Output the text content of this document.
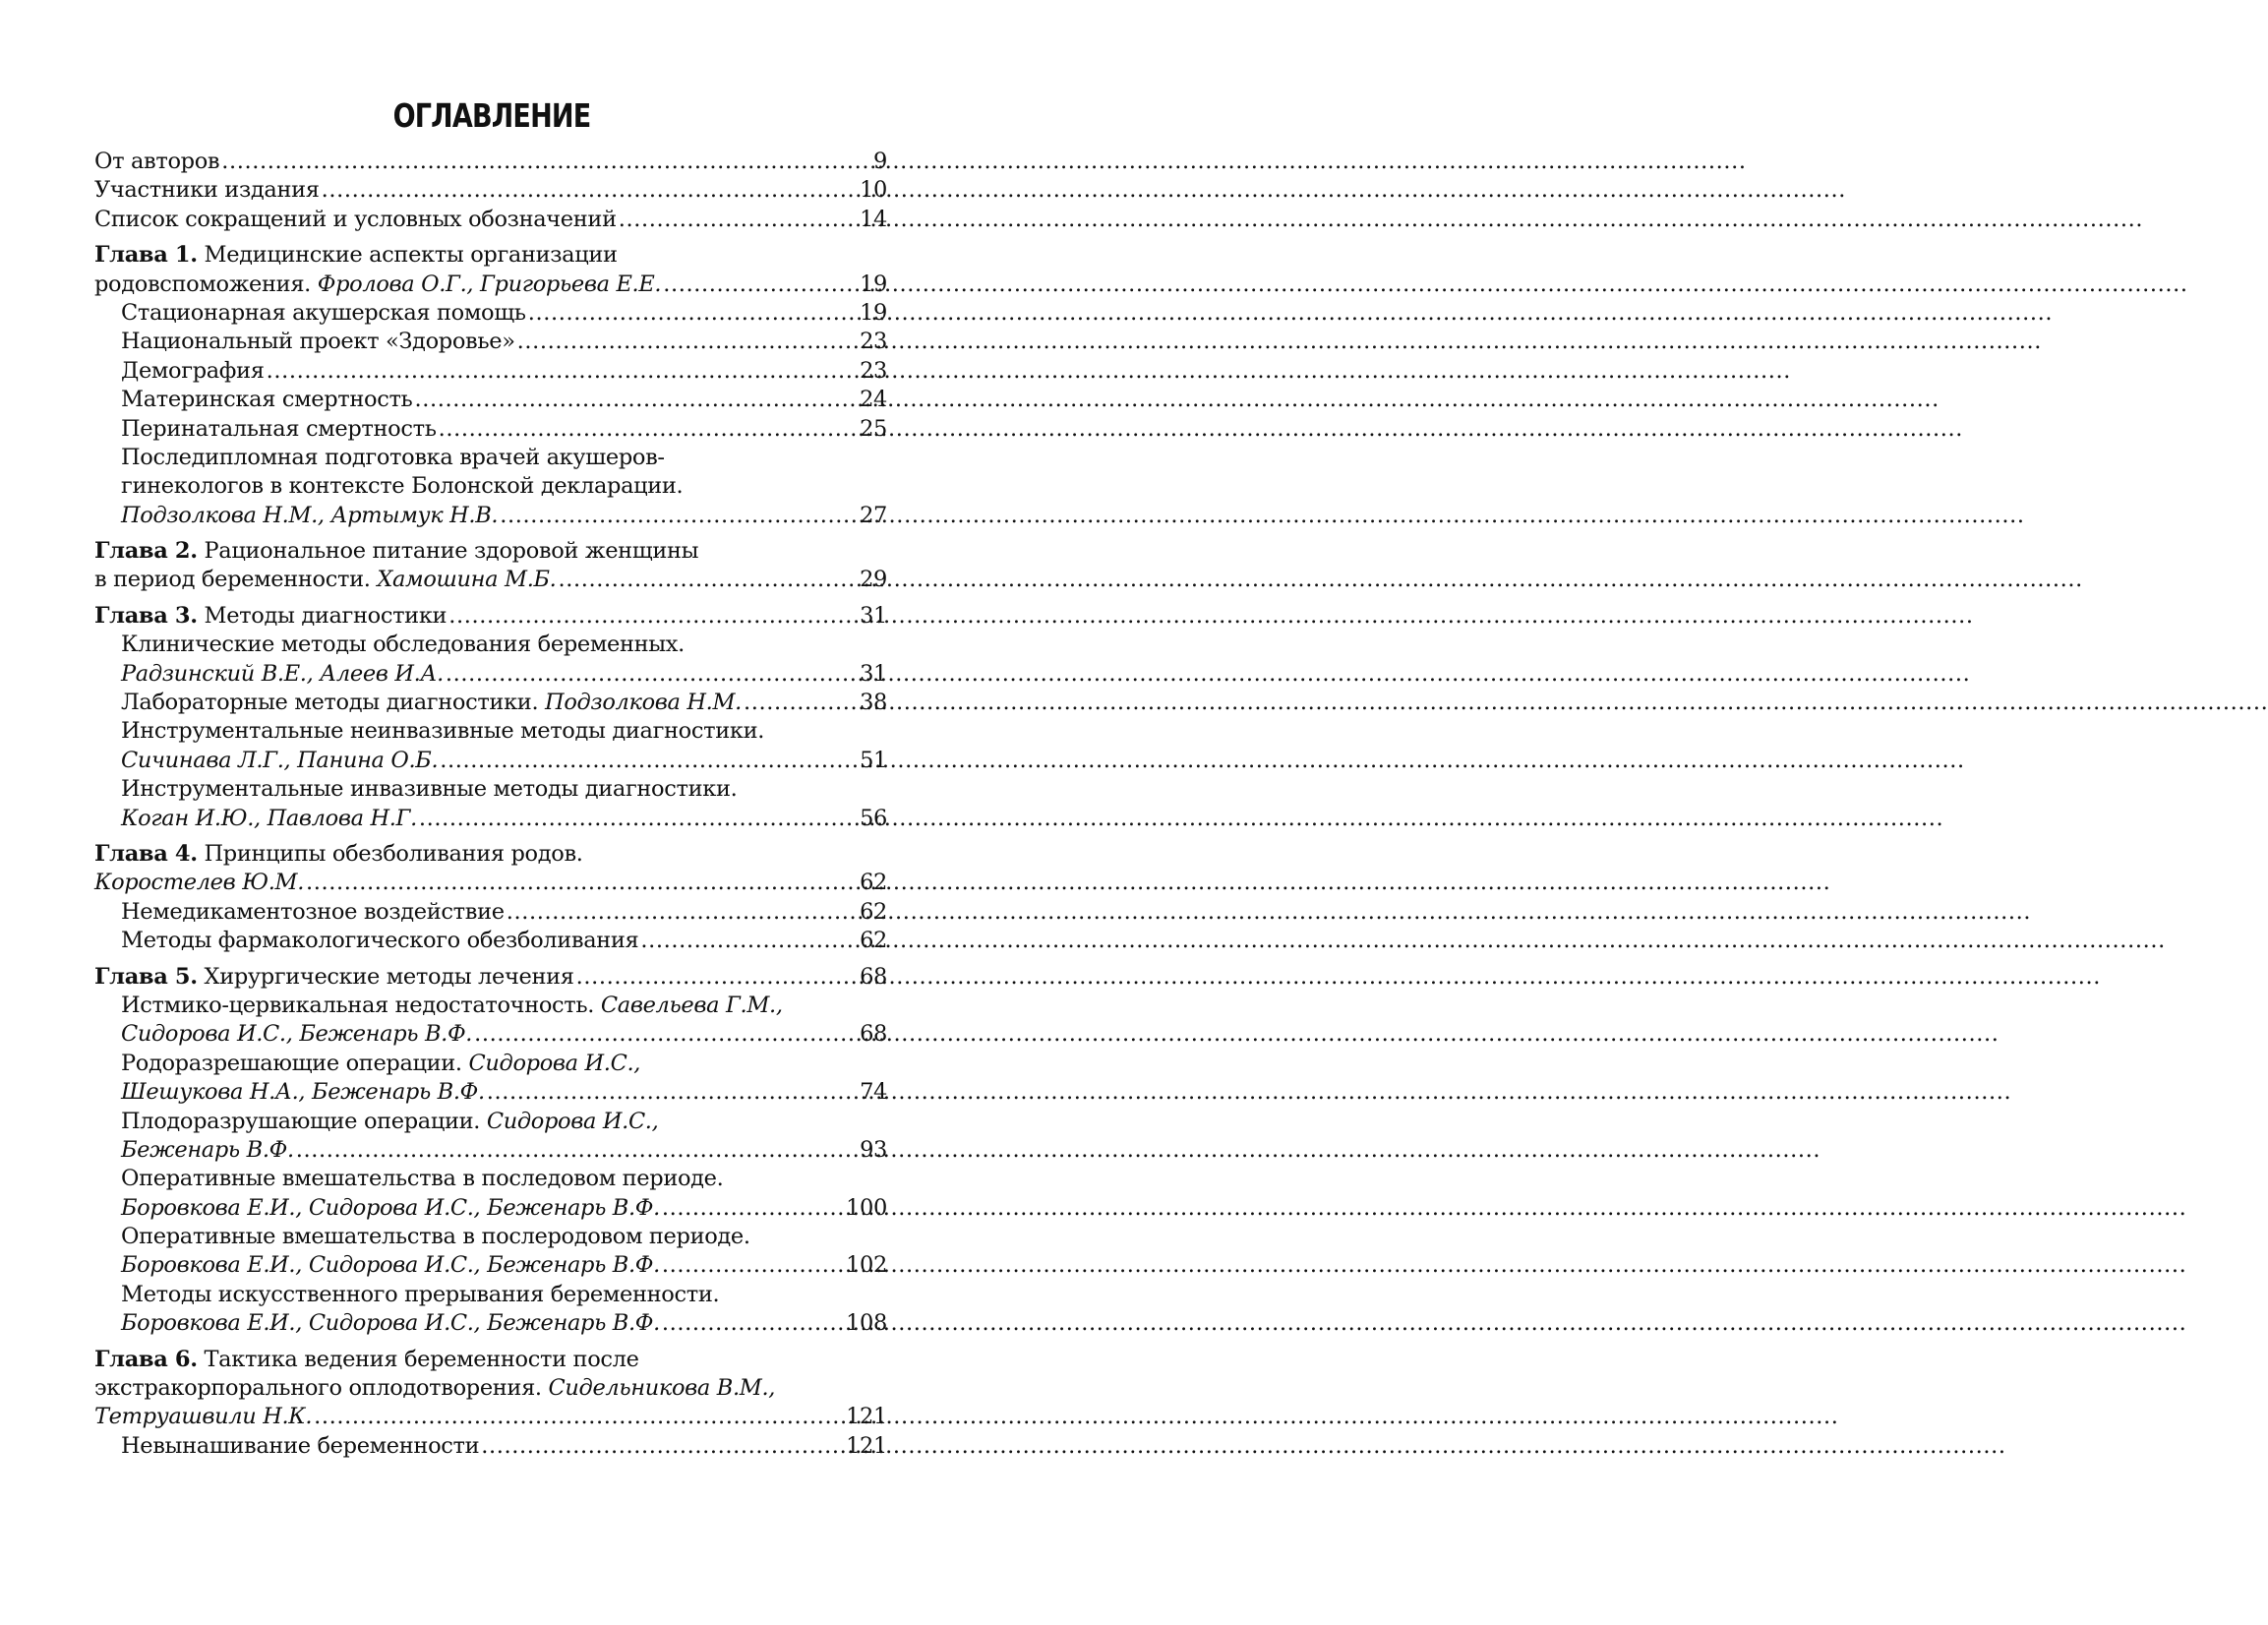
ОГЛАВЛЕНИЕ
От авторов .....	9
Участники издания .....	10
Список сокращений и условных обозначений .....	14
Глава 1. Медицинские аспекты организации
родовспоможения. Фролова О.Г., Григорьева Е.Е. .....	19
Стационарная акушерская помощь .....	19
Национальный проект «Здоровье» .....	23
Демография .....	23
Материнская смертность .....	24
Перинатальная смертность .....	25
Последипломная подготовка врачей акушеров-
гинекологов в контексте Болонской декларации.
Подзолкова Н.М., Артымук Н.В. .....	27
Глава 2. Рациональное питание здоровой женщины
в период беременности. Хамошина М.Б. .....	29
Глава 3. Методы диагностики .....	31
Клинические методы обследования беременных.
Радзинский В.Е., Алеев И.А. .....	31
Лабораторные методы диагностики. Подзолкова Н.М. .....	38
Инструментальные неинвазивные методы диагностики.
Сичинава Л.Г., Панина О.Б. .....	51
Инструментальные инвазивные методы диагностики.
Коган И.Ю., Павлова Н.Г. .....	56
Глава 4. Принципы обезболивания родов.
Коростелев Ю.М. .....	62
Немедикаментозное воздействие .....	62
Методы фармакологического обезболивания .....	62
Глава 5. Хирургические методы лечения .....	68
Истмико-цервикальная недостаточность. Савельева Г.М.,
Сидорова И.С., Беженарь В.Ф. .....	68
Родоразрешающие операции. Сидорова И.С.,
Шешукова Н.А., Беженарь В.Ф. .....	74
Плодоразрушающие операции. Сидорова И.С.,
Беженарь В.Ф. .....	93
Оперативные вмешательства в последовом периоде.
Боровкова Е.И., Сидорова И.С., Беженарь В.Ф. .....	100
Оперативные вмешательства в послеродовом периоде.
Боровкова Е.И., Сидорова И.С., Беженарь В.Ф. .....	102
Методы искусственного прерывания беременности.
Боровкова Е.И., Сидорова И.С., Беженарь В.Ф. .....	108
Глава 6. Тактика ведения беременности после
экстракорпорального оплодотворения. Сидельникова В.М.,
Тетруашвили Н.К. .....	121
Невынашивание беременности .....	121
